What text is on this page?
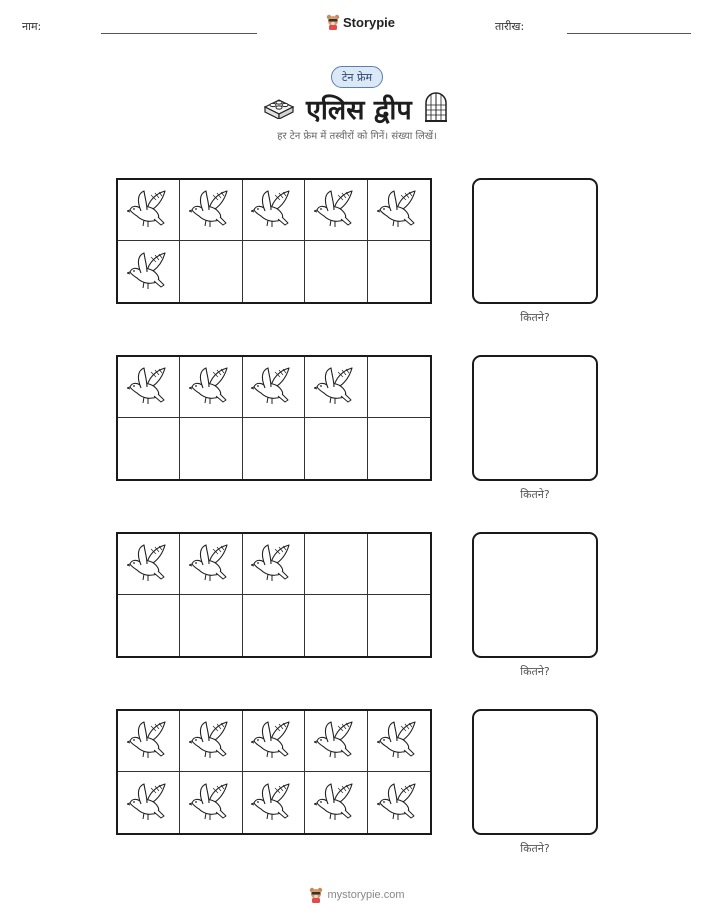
नाम:	Storypie	तारीख:
टेन फ्रेम
एलिस द्वीप
हर टेन फ्रेम में तस्वीरों को गिनें। संख्या लिखें।
कितने?
कितने?
कितने?
कितने?
mystorypie.com
